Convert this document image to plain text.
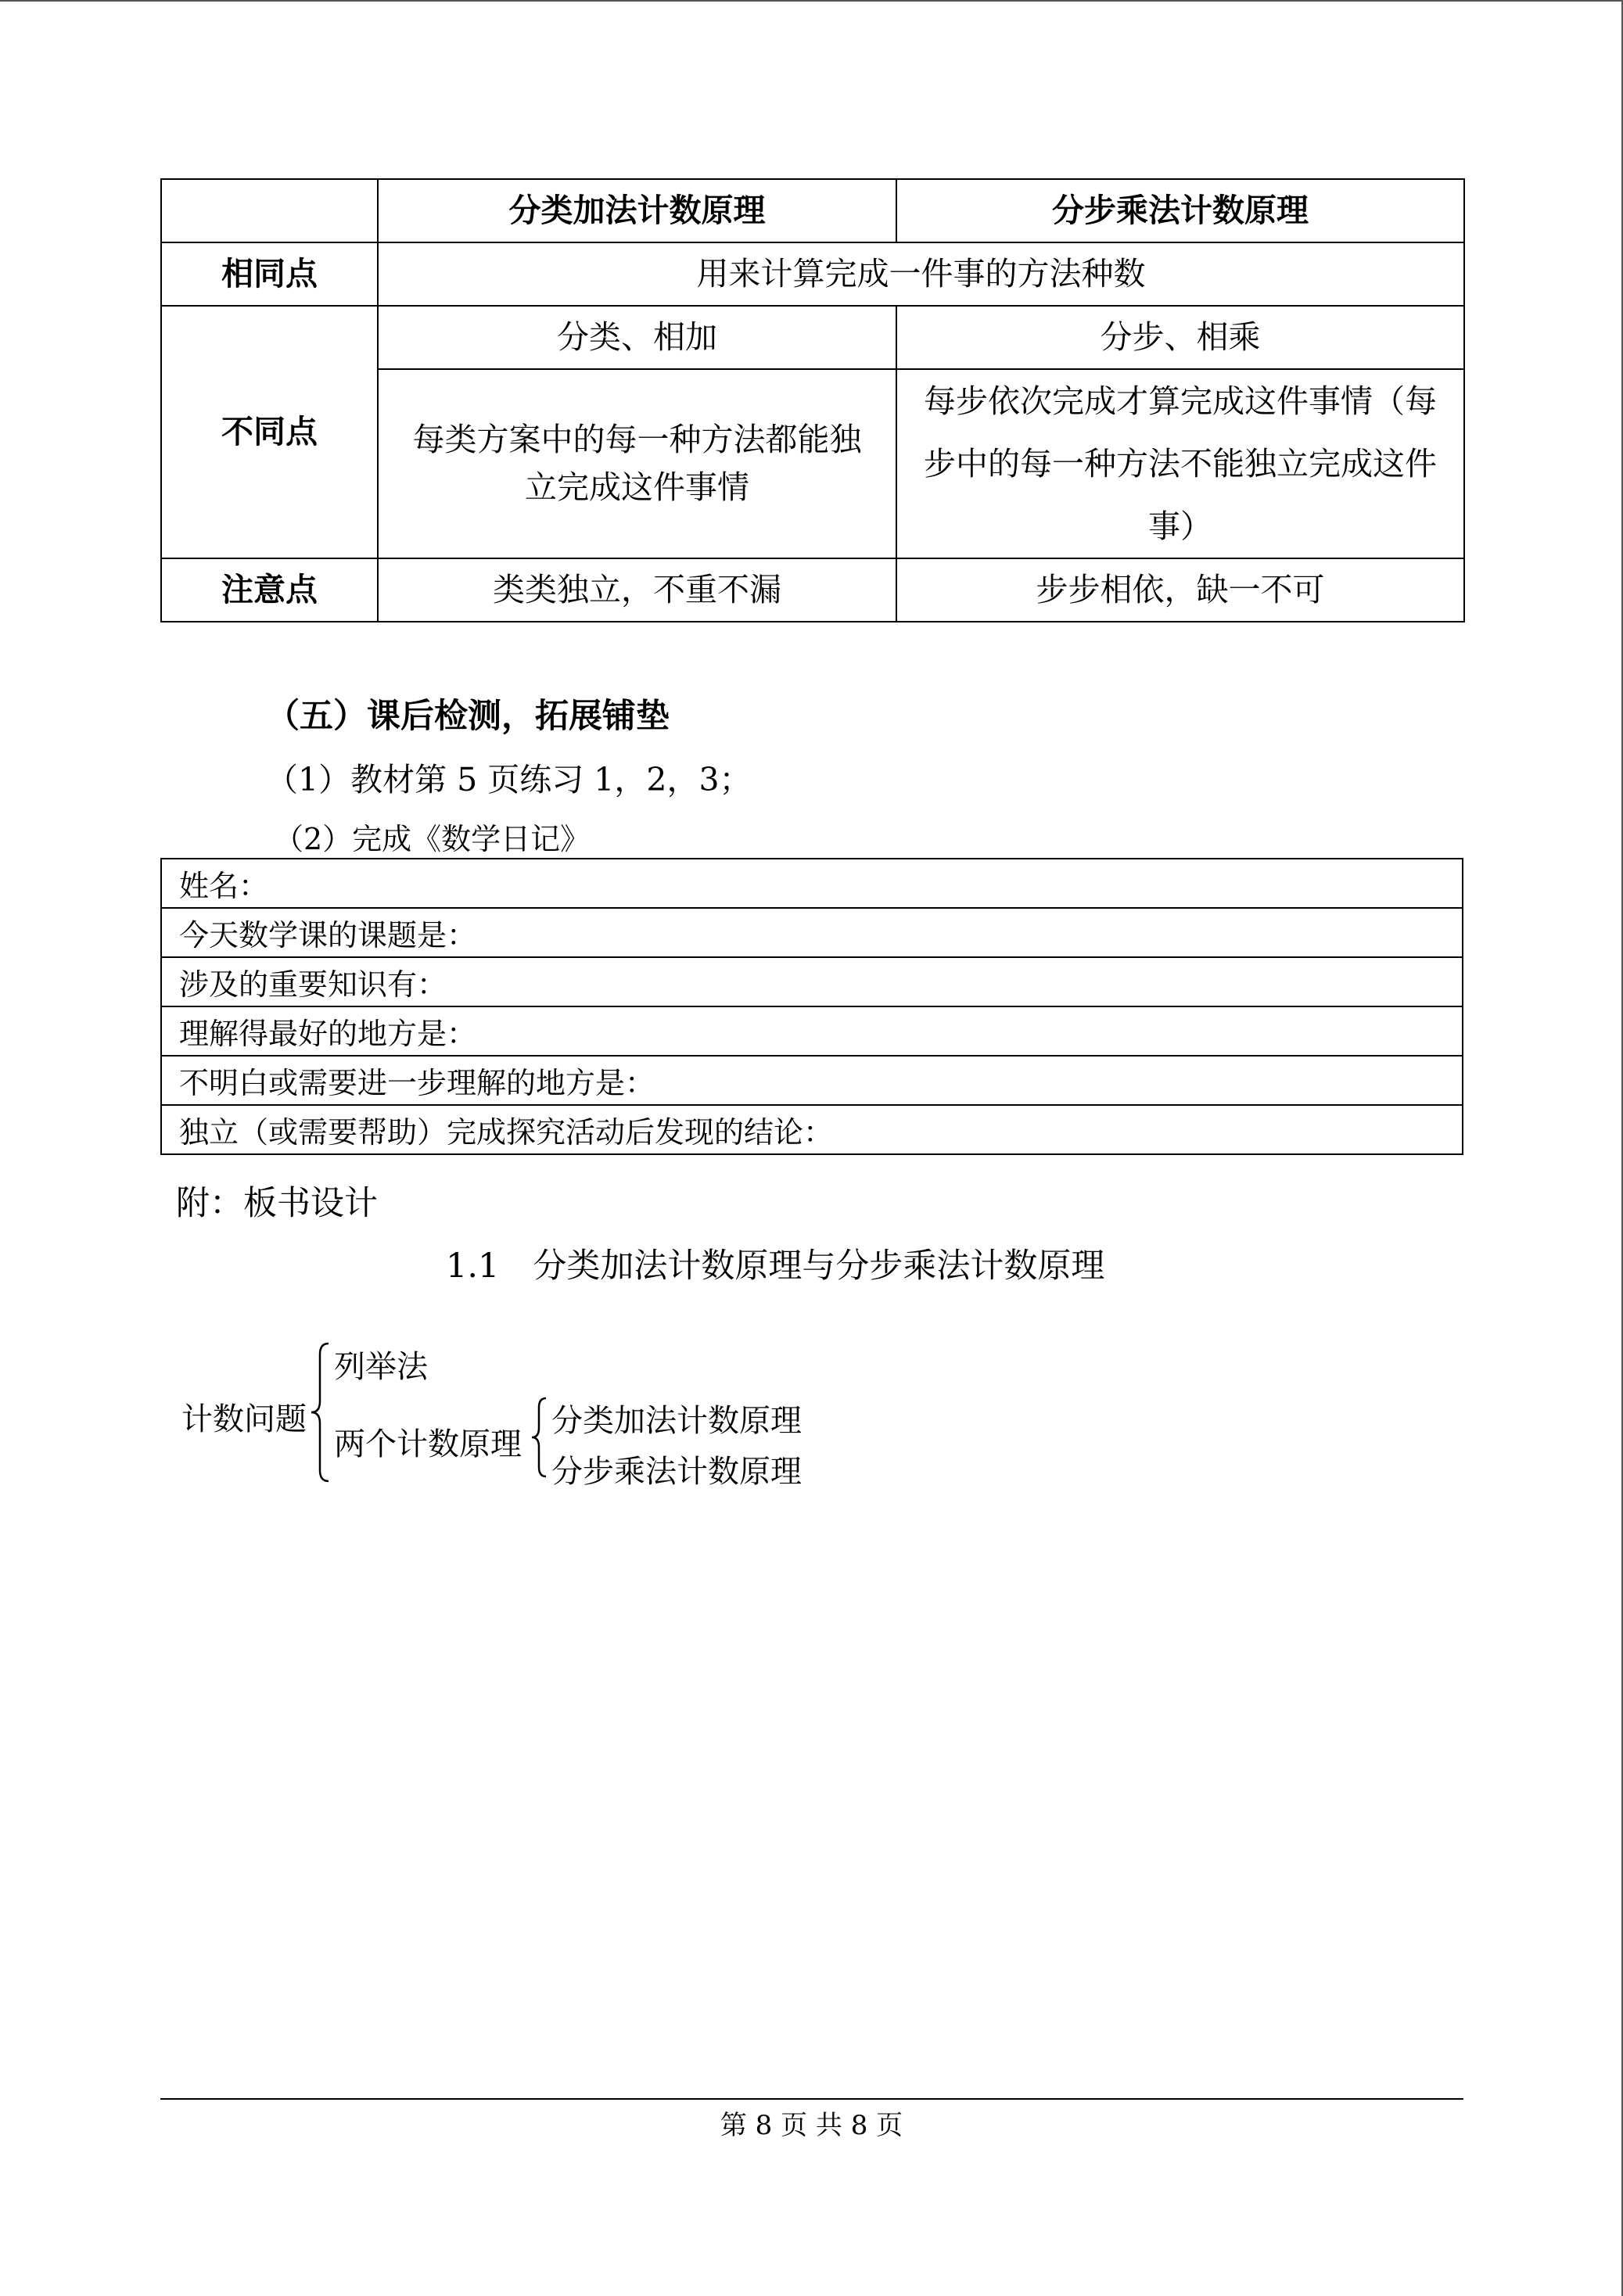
	分类加法计数原理	分步乘法计数原理
相同点	用来计算完成一件事的方法种数	
不同点	分类、相加	分步、相乘
	每类方案中的每一种方法都能独立完成这件事情	每步依次完成才算完成这件事情（每步中的每一种方法不能独立完成这件事）
注意点	类类独立，不重不漏	步步相依，缺一不可
（五）课后检测，拓展铺垫
（1）教材第 5 页练习 1，2，3；
（2）完成《数学日记》
姓名：
今天数学课的课题是：
涉及的重要知识有：
理解得最好的地方是：
不明白或需要进一步理解的地方是：
独立（或需要帮助）完成探究活动后发现的结论：
附：板书设计
1.1　分类加法计数原理与分步乘法计数原理
计数问题
列举法
两个计数原理
分类加法计数原理
分步乘法计数原理
第 8 页 共 8 页
